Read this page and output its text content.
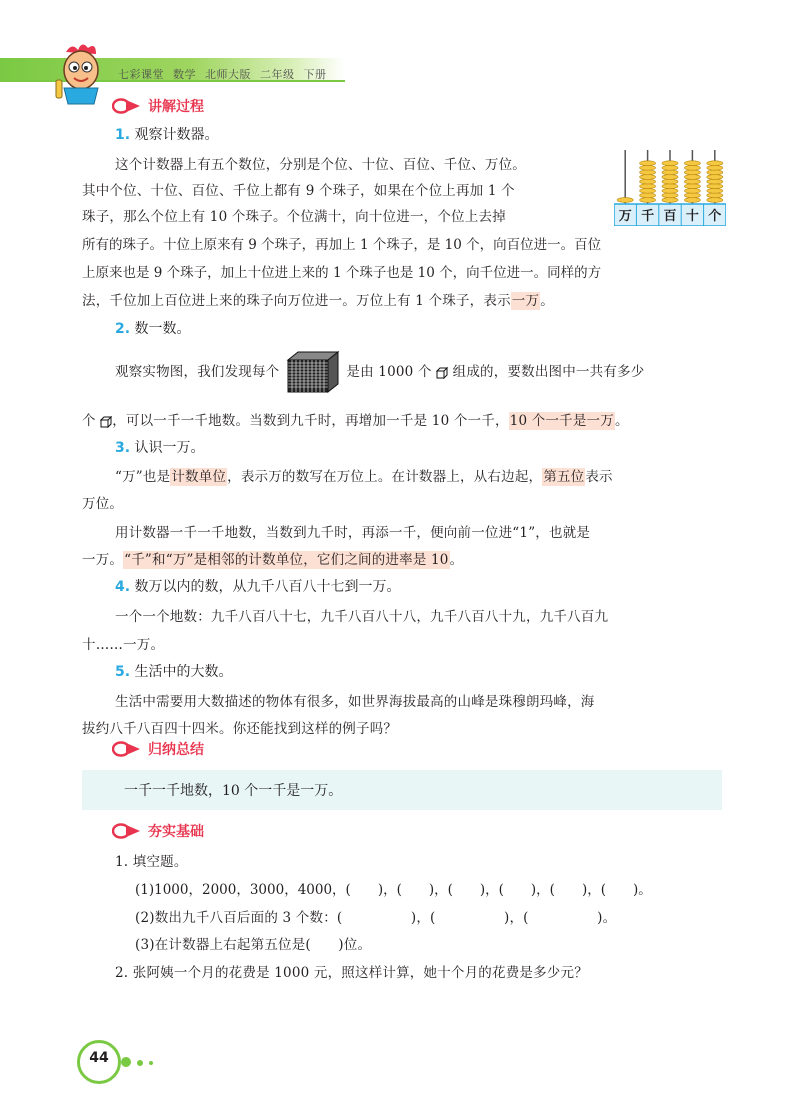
七彩课堂 数学 北师大版 二年级 下册
讲解过程
1. 观察计数器。
这个计数器上有五个数位，分别是个位、十位、百位、千位、万位。
其中个位、十位、百位、千位上都有 9 个珠子，如果在个位上再加 1 个
珠子，那么个位上有 10 个珠子。个位满十，向十位进一，个位上去掉
所有的珠子。十位上原来有 9 个珠子，再加上 1 个珠子，是 10 个，向百位进一。百位
上原来也是 9 个珠子，加上十位进上来的 1 个珠子也是 10 个，向千位进一。同样的方
法，千位加上百位进上来的珠子向万位进一。万位上有 1 个珠子，表示一万。
万 千 百 十 个
2. 数一数。
观察实物图，我们发现每个	是由 1000 个 组成的，要数出图中一共有多少
个 ，可以一千一千地数。当数到九千时，再增加一千是 10 个一千，10 个一千是一万。
3. 认识一万。
“万”也是计数单位，表示万的数写在万位上。在计数器上，从右边起，第五位表示
万位。
用计数器一千一千地数，当数到九千时，再添一千，便向前一位进“1”，也就是
一万。“千”和“万”是相邻的计数单位，它们之间的进率是 10。
4. 数万以内的数，从九千八百八十七到一万。
一个一个地数：九千八百八十七，九千八百八十八，九千八百八十九，九千八百九
十……一万。
5. 生活中的大数。
生活中需要用大数描述的物体有很多，如世界海拔最高的山峰是珠穆朗玛峰，海
拔约八千八百四十四米。你还能找到这样的例子吗？
归纳总结
一千一千地数，10 个一千是一万。
夯实基础
1. 填空题。
(1)1000，2000，3000，4000，(　　)，(　　)，(　　)，(　　)，(　　)，(　　)。
(2)数出九千八百后面的 3 个数：(　　　　　)，(　　　　　)，(　　　　　)。
(3)在计数器上右起第五位是(　　)位。
2. 张阿姨一个月的花费是 1000 元，照这样计算，她十个月的花费是多少元？
44
